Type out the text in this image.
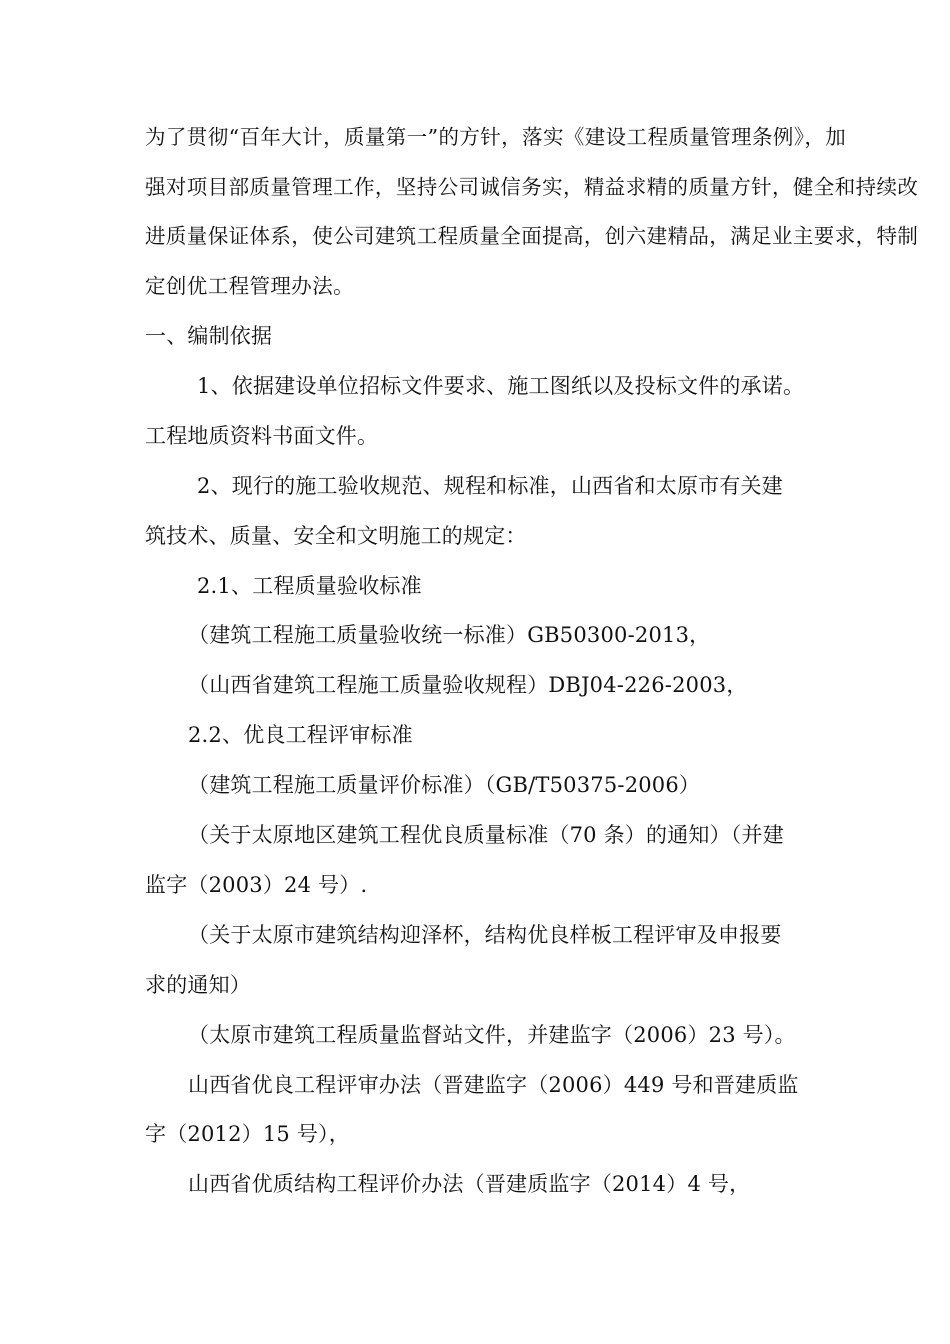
为了贯彻“百年大计，质量第一”的方针，落实《建设工程质量管理条例》，加
强对项目部质量管理工作，坚持公司诚信务实，精益求精的质量方针，健全和持续改
进质量保证体系，使公司建筑工程质量全面提高，创六建精品，满足业主要求，特制
定创优工程管理办法。
一、编制依据
1、依据建设单位招标文件要求、施工图纸以及投标文件的承诺。
工程地质资料书面文件。
2、现行的施工验收规范、规程和标准，山西省和太原市有关建
筑技术、质量、安全和文明施工的规定：
2.1、工程质量验收标准
（建筑工程施工质量验收统一标准）GB50300-2013，
（山西省建筑工程施工质量验收规程）DBJ04-226-2003，
2.2、优良工程评审标准
（建筑工程施工质量评价标准）（GB/T50375-2006）
（关于太原地区建筑工程优良质量标准（70 条）的通知）（并建
监字（2003）24 号）.
（关于太原市建筑结构迎泽杯，结构优良样板工程评审及申报要
求的通知）
（太原市建筑工程质量监督站文件，并建监字（2006）23 号）。
山西省优良工程评审办法（晋建监字（2006）449 号和晋建质监
字（2012）15 号），
山西省优质结构工程评价办法（晋建质监字（2014）4 号，
